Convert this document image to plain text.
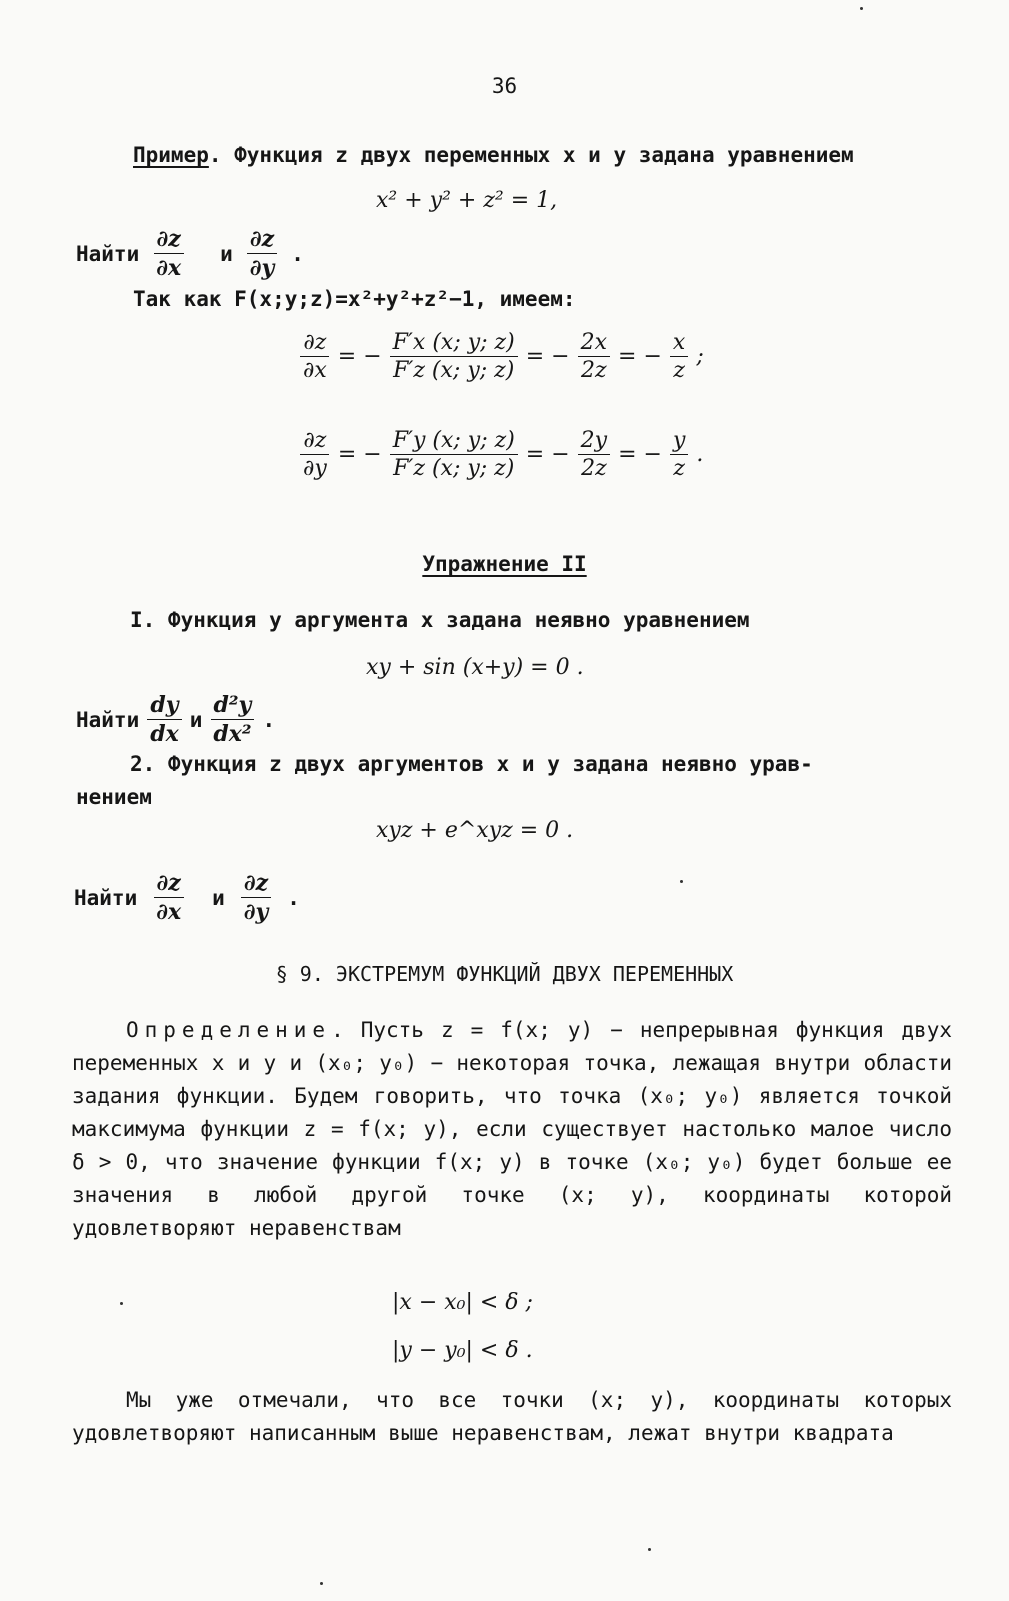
36
Пример. Функция z двух переменных x и y задана уравнением
x² + y² + z² = 1,
Найти $\frac{\partial z}{\partial x}$ и $\frac{\partial z}{\partial y}$ .
Так как F(x;y;z)=x²+y²+z²−1, имеем:
$\frac{\partial z}{\partial x}$ = − $\frac{F'x (x; y; z)}{F'z (x; y; z)}$ = − $\frac{2x}{2z}$ = − $\frac{x}{z}$ ;
$\frac{\partial z}{\partial y}$ = − $\frac{F'y (x; y; z)}{F'z (x; y; z)}$ = − $\frac{2y}{2z}$ = − $\frac{y}{z}$ .
Упражнение II
I. Функция y аргумента x задана неявно уравнением
xy + sin (x+y) = 0 .
Найти $\frac{dy}{dx}$ и $\frac{\text{d²y}}{\text{dx²}}$ .
2. Функция z двух аргументов x и y задана неявно урав-
нением
xyz + e^xyz = 0 .
Найти $\frac{\partial z}{\partial x}$ и $\frac{\partial z}{\partial y}$ .
§ 9. ЭКСТРЕМУМ ФУНКЦИЙ ДВУХ ПЕРЕМЕННЫХ
Определение. Пусть z = f(x; y) − непрерывная функция двух переменных x и y и (x₀; y₀) − некоторая точка, лежащая внутри области задания функции. Будем говорить, что точка (x₀; y₀) является точкой максимума функции z = f(x; y), если существует настолько малое число δ > 0, что значение функции f(x; y) в точке (x₀; y₀) будет больше ее значения в любой другой точке (x; y), координаты которой удовлетворяют неравенствам
|x − x₀| < δ ;
|y − y₀| < δ .
Мы уже отмечали, что все точки (x; y), координаты которых удовлетворяют написанным выше неравенствам, лежат внутри квадрата
